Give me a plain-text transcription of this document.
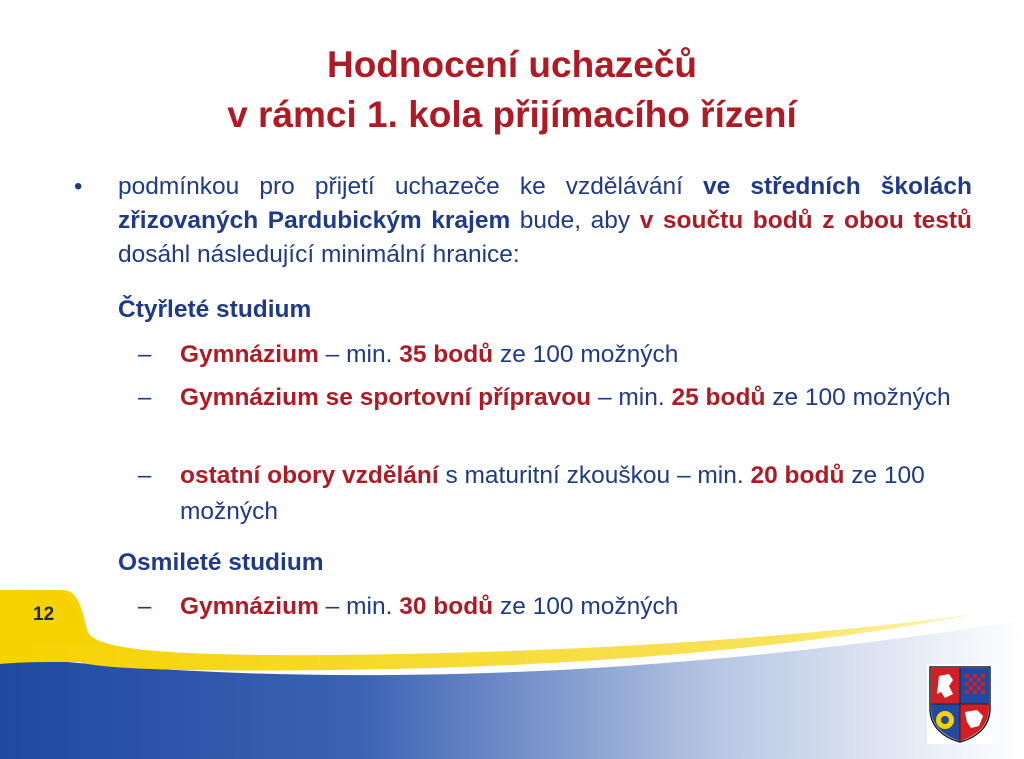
Hodnocení uchazečů
v rámci 1. kola přijímacího řízení
• podmínkou pro přijetí uchazeče ke vzdělávání ve středních školách zřizovaných Pardubickým krajem bude, aby v součtu bodů z obou testů dosáhl následující minimální hranice:
Čtyřleté studium
– Gymnázium – min. 35 bodů ze 100 možných
– Gymnázium se sportovní přípravou – min. 25 bodů ze 100 možných
– ostatní obory vzdělání s maturitní zkouškou – min. 20 bodů ze 100 možných
Osmileté studium
– Gymnázium – min. 30 bodů ze 100 možných
12
